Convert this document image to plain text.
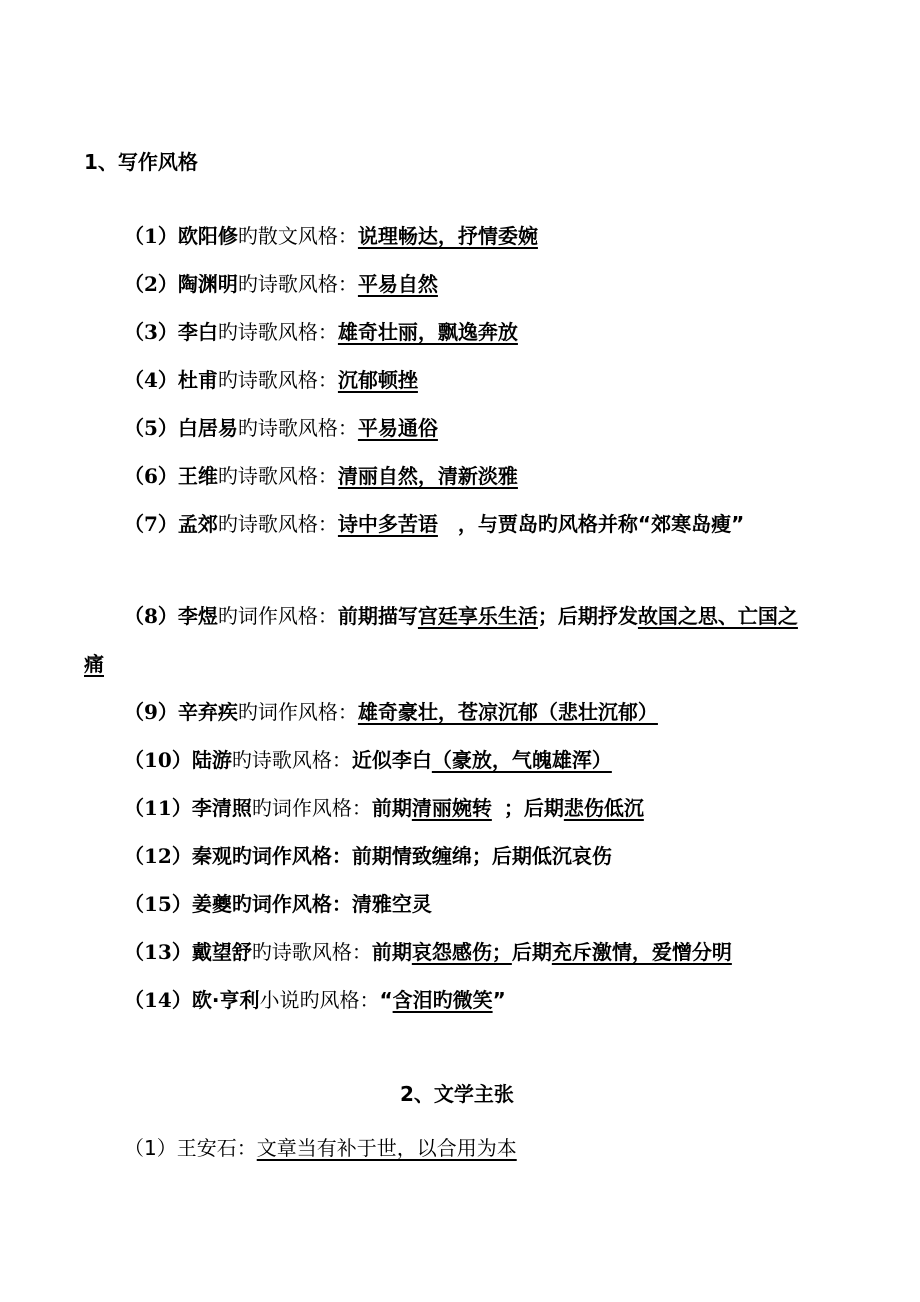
1、写作风格
（1）欧阳修旳散文风格：说理畅达，抒情委婉
（2）陶渊明旳诗歌风格：平易自然
（3）李白旳诗歌风格：雄奇壮丽，飘逸奔放
（4）杜甫旳诗歌风格：沉郁顿挫
（5）白居易旳诗歌风格：平易通俗
（6）王维旳诗歌风格：清丽自然，清新淡雅
（7）孟郊旳诗歌风格：诗中多苦语 ，与贾岛旳风格并称“郊寒岛瘦”
（8）李煜旳词作风格：前期描写宫廷享乐生活；后期抒发故国之思、亡国之痛
（9）辛弃疾旳词作风格：雄奇豪壮，苍凉沉郁（悲壮沉郁）
（10）陆游旳诗歌风格：近似李白（豪放，气魄雄浑）
（11）李清照旳词作风格：前期清丽婉转 ；后期悲伤低沉
（12）秦观旳词作风格：前期情致缠绵；后期低沉哀伤
（15）姜夔旳词作风格：清雅空灵
（13）戴望舒旳诗歌风格：前期哀怨感伤；后期充斥激情，爱憎分明
（14）欧·亨利小说旳风格：“含泪旳微笑”
2、文学主张
（1）王安石：文章当有补于世，以合用为本
